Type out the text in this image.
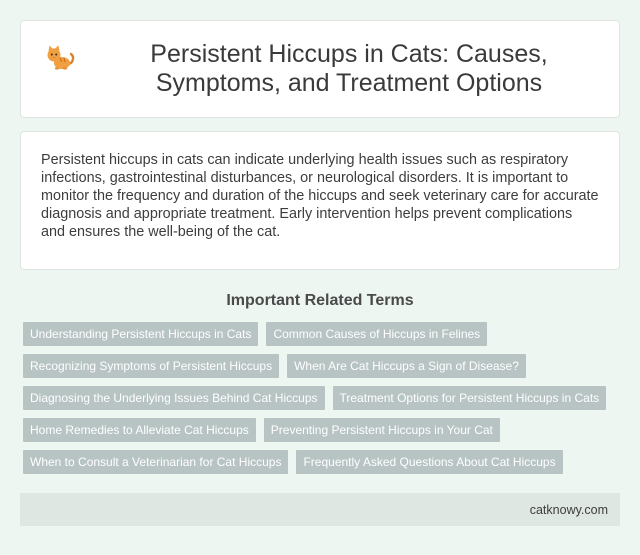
Persistent Hiccups in Cats: Causes, Symptoms, and Treatment Options

Persistent hiccups in cats can indicate underlying health issues such as respiratory infections, gastrointestinal disturbances, or neurological disorders. It is important to monitor the frequency and duration of the hiccups and seek veterinary care for accurate diagnosis and appropriate treatment. Early intervention helps prevent complications and ensures the well-being of the cat.

Important Related Terms
Understanding Persistent Hiccups in Cats	Common Causes of Hiccups in Felines
Recognizing Symptoms of Persistent Hiccups	When Are Cat Hiccups a Sign of Disease?
Diagnosing the Underlying Issues Behind Cat Hiccups	Treatment Options for Persistent Hiccups in Cats
Home Remedies to Alleviate Cat Hiccups	Preventing Persistent Hiccups in Your Cat
When to Consult a Veterinarian for Cat Hiccups	Frequently Asked Questions About Cat Hiccups
catknowy.com
